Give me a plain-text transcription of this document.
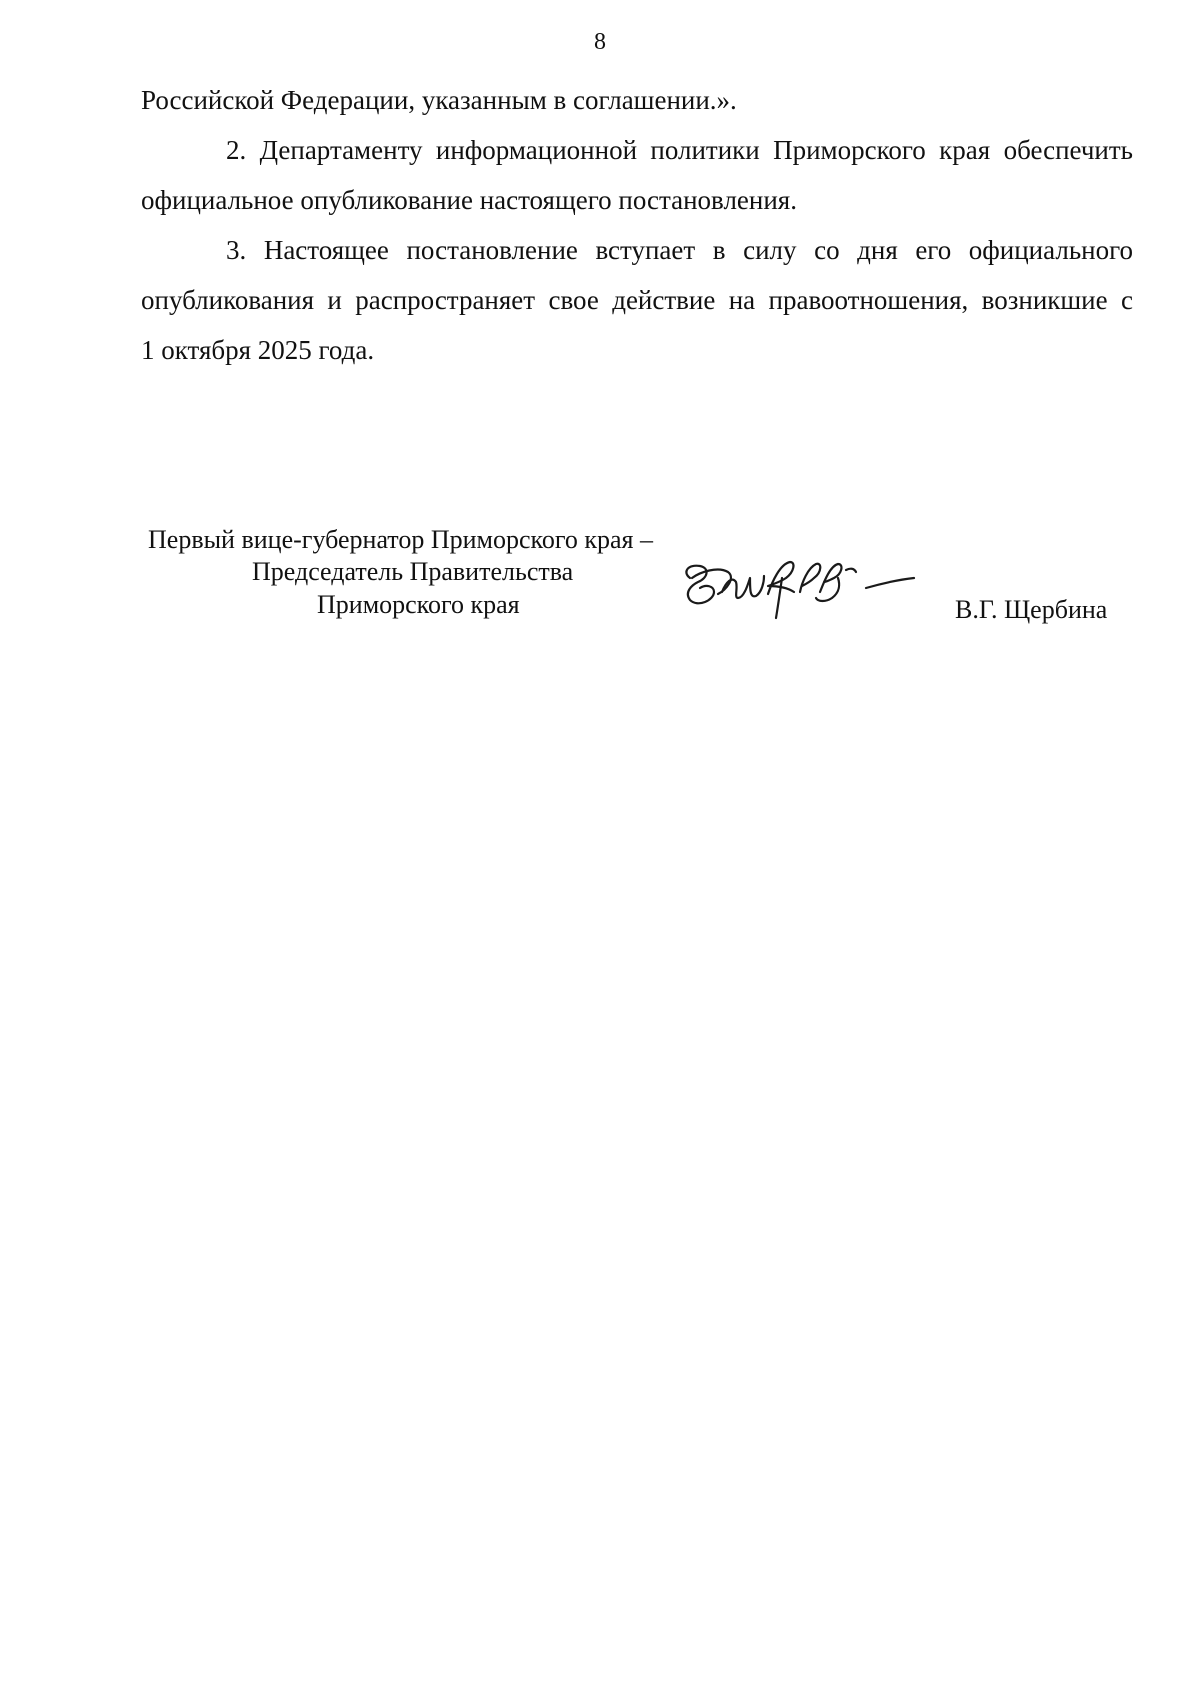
8
Российской Федерации, указанным в соглашении.».
2. Департаменту информационной политики Приморского края обеспечить
официальное опубликование настоящего постановления.
3. Настоящее постановление вступает в силу со дня его официального
опубликования и распространяет свое действие на правоотношения, возникшие с
1 октября 2025 года.
Первый вице-губернатор Приморского края –
Председатель Правительства
Приморского края	В.Г. Щербина
